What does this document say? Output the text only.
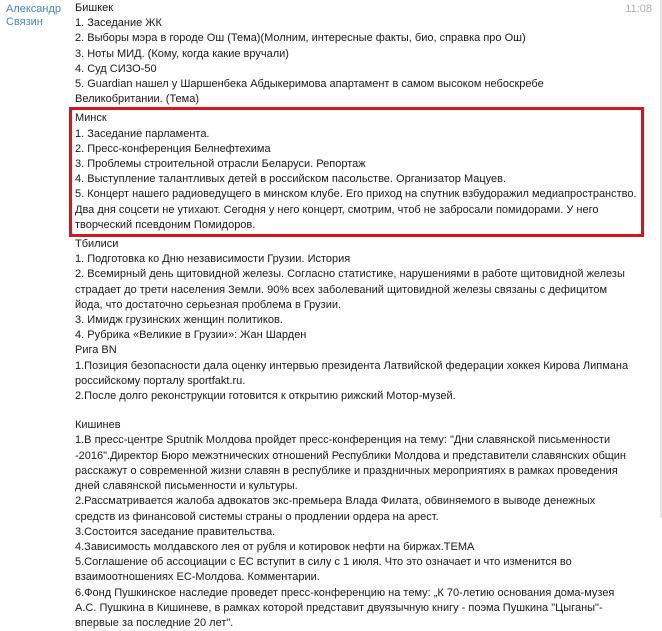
Александр
Связин
11:08
Бишкек
1. Заседание ЖК
2. Выборы мэра в городе Ош (Тема)(Молним, интересные факты, био, справка про Ош)
3. Ноты МИД. (Кому, когда какие вручали)
4. Суд СИЗО-50
5. Guardian нашел у Шаршенбека Абдыкеримова апартамент в самом высоком небоскребе Великобритании. (Тема)
Минск
1. Заседание парламента.
2. Пресс-конференция Белнефтехима
3. Проблемы строительной отрасли Беларуси. Репортаж
4. Выступление талантливых детей в российском пасольстве. Организатор Мацуев.
5. Концерт нашего радиоведущего в минском клубе. Его приход на спутник взбудоражил медиапространство. Два дня соцсети не утихают. Сегодня у него концерт, смотрим, чтоб не забросали помидорами. У него творческий псевдоним Помидоров.
Тбилиси
1. Подготовка ко Дню независимости Грузии. История
2. Всемирный день щитовидной железы. Согласно статистике, нарушениями в работе щитовидной железы страдает до трети населения Земли. 90% всех заболеваний щитовидной железы связаны с дефицитом йода, что достаточно серьезная проблема в Грузии.
3. Имидж грузинских женщин политиков.
4. Рубрика «Великие в Грузии»: Жан Шарден
Рига BN
1.Позиция безопасности дала оценку интервью президента Латвийской федерации хоккея Кирова Липмана российскому порталу sportfakt.ru.
2.После долго реконструкции готовится к открытию рижский Мотор-музей.
Кишинев
1.В пресс-центре Sputnik Молдова пройдет пресс-конференция на тему: "Дни славянской письменности -2016".Директор Бюро межэтнических отношений Республики Молдова и представители славянских общин расскажут о современной жизни славян в республике и праздничных мероприятиях в рамках проведения дней славянской письменности и культуры.
2.Рассматривается жалоба адвокатов экс-премьера Влада Филата, обвиняемого в выводе денежных средств из финансовой системы страны о продлении ордера на арест.
3.Состоится заседание правительства.
4.Зависимость молдавского лея от рубля и котировок нефти на биржах.ТЕМА
5.Соглашение об ассоциации с ЕС вступит в силу с 1 июля. Что это означает и что изменится во взаимоотношениях ЕС-Молдова. Комментарии.
6.Фонд Пушкинское наследие проведет пресс-конференцию на тему: „К 70-летию основания дома-музея А.С. Пушкина в Кишиневе, в рамках которой представит двуязычную книгу - поэма Пушкина "Цыганы"- впервые за последние 20 лет".
